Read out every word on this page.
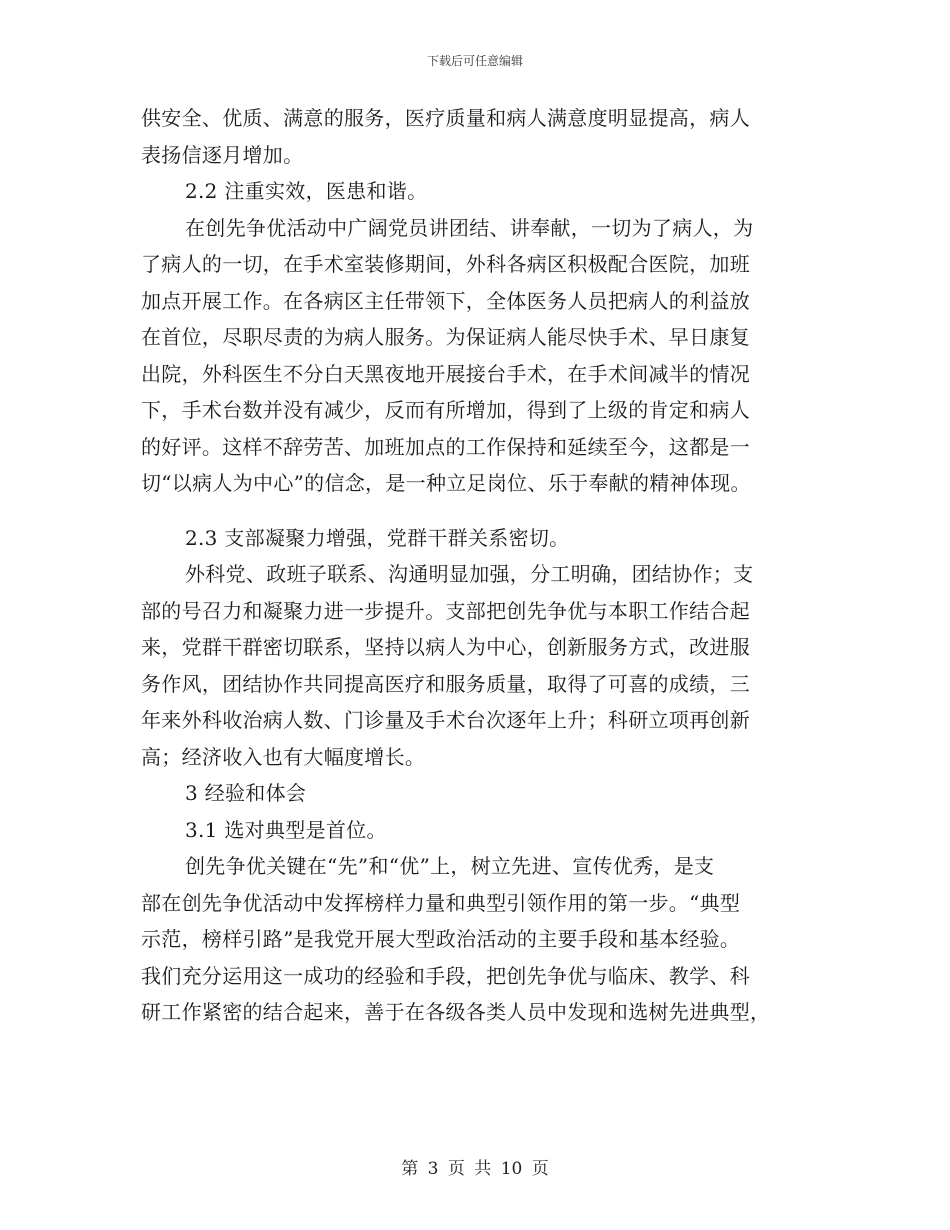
下载后可任意编辑
供安全、优质、满意的服务，医疗质量和病人满意度明显提高，病人
表扬信逐月增加。
2.2 注重实效，医患和谐。
在创先争优活动中广阔党员讲团结、讲奉献，一切为了病人，为
了病人的一切，在手术室装修期间，外科各病区积极配合医院，加班
加点开展工作。在各病区主任带领下，全体医务人员把病人的利益放
在首位，尽职尽责的为病人服务。为保证病人能尽快手术、早日康复
出院，外科医生不分白天黑夜地开展接台手术，在手术间减半的情况
下，手术台数并没有减少，反而有所增加，得到了上级的肯定和病人
的好评。这样不辞劳苦、加班加点的工作保持和延续至今，这都是一
切“以病人为中心”的信念，是一种立足岗位、乐于奉献的精神体现。
2.3 支部凝聚力增强，党群干群关系密切。
外科党、政班子联系、沟通明显加强，分工明确，团结协作；支
部的号召力和凝聚力进一步提升。支部把创先争优与本职工作结合起
来，党群干群密切联系，坚持以病人为中心，创新服务方式，改进服
务作风，团结协作共同提高医疗和服务质量，取得了可喜的成绩，三
年来外科收治病人数、门诊量及手术台次逐年上升；科研立项再创新
高；经济收入也有大幅度增长。
3 经验和体会
3.1 选对典型是首位。
创先争优关键在“先”和“优”上，树立先进、宣传优秀，是支
部在创先争优活动中发挥榜样力量和典型引领作用的第一步。“典型
示范，榜样引路”是我党开展大型政治活动的主要手段和基本经验。
我们充分运用这一成功的经验和手段，把创先争优与临床、教学、科
研工作紧密的结合起来，善于在各级各类人员中发现和选树先进典型，
第 3 页 共 10 页
